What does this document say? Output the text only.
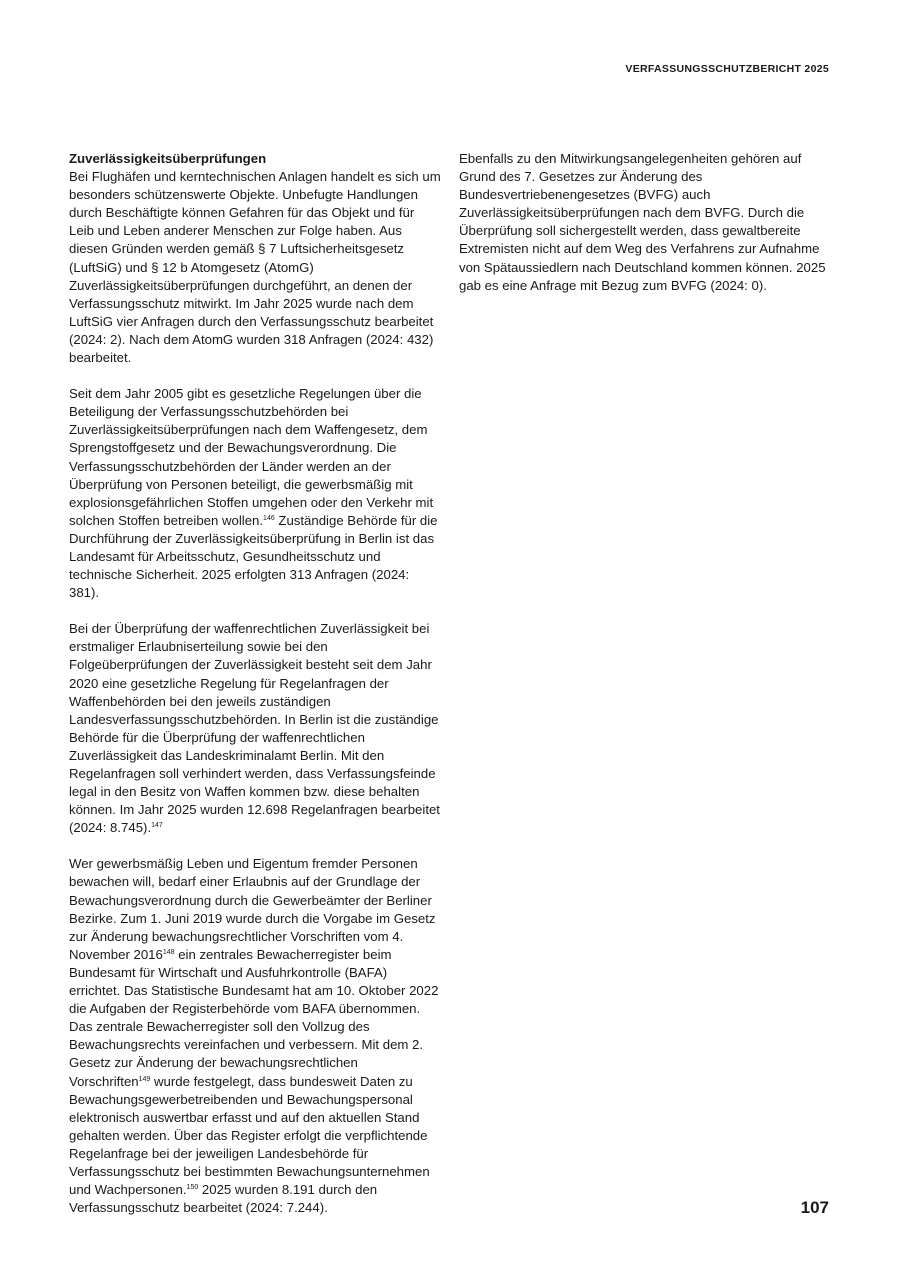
VERFASSUNGSSCHUTZBERICHT 2025

Zuverlässigkeitsüberprüfungen
Bei Flughäfen und kerntechnischen Anlagen handelt es sich um besonders schützenswerte Objekte. Unbefugte Handlungen durch Beschäftigte können Gefahren für das Objekt und für Leib und Leben anderer Menschen zur Folge haben. Aus diesen Gründen werden gemäß § 7 Luftsicherheitsgesetz (LuftSiG) und § 12 b Atomgesetz (AtomG) Zuverlässigkeitsüberprüfungen durchgeführt, an denen der Verfassungsschutz mitwirkt. Im Jahr 2025 wurde nach dem LuftSiG vier Anfragen durch den Verfassungsschutz bearbeitet (2024: 2). Nach dem AtomG wurden 318 Anfragen (2024: 432) bearbeitet.

Seit dem Jahr 2005 gibt es gesetzliche Regelungen über die Beteiligung der Verfassungsschutzbehörden bei Zuverlässigkeitsüberprüfungen nach dem Waffengesetz, dem Sprengstoffgesetz und der Bewachungsverordnung. Die Verfassungsschutzbehörden der Länder werden an der Überprüfung von Personen beteiligt, die gewerbsmäßig mit explosionsgefährlichen Stoffen umgehen oder den Verkehr mit solchen Stoffen betreiben wollen.$^{146}$ Zuständige Behörde für die Durchführung der Zuverlässigkeitsüberprüfung in Berlin ist das Landesamt für Arbeitsschutz, Gesundheitsschutz und technische Sicherheit. 2025 erfolgten 313 Anfragen (2024: 381).

Bei der Überprüfung der waffenrechtlichen Zuverlässigkeit bei erstmaliger Erlaubniserteilung sowie bei den Folgeüberprüfungen der Zuverlässigkeit besteht seit dem Jahr 2020 eine gesetzliche Regelung für Regelanfragen der Waffenbehörden bei den jeweils zuständigen Landesverfassungsschutzbehörden. In Berlin ist die zuständige Behörde für die Überprüfung der waffenrechtlichen Zuverlässigkeit das Landeskriminalamt Berlin. Mit den Regelanfragen soll verhindert werden, dass Verfassungsfeinde legal in den Besitz von Waffen kommen bzw. diese behalten können. Im Jahr 2025 wurden 12.698 Regelanfragen bearbeitet (2024: 8.745).$^{147}$

Wer gewerbsmäßig Leben und Eigentum fremder Personen bewachen will, bedarf einer Erlaubnis auf der Grundlage der Bewachungsverordnung durch die Gewerbeämter der Berliner Bezirke. Zum 1. Juni 2019 wurde durch die Vorgabe im Gesetz zur Änderung bewachungsrechtlicher Vorschriften vom 4. November 2016$^{148}$ ein zentrales Bewacherregister beim Bundesamt für Wirtschaft und Ausfuhrkontrolle (BAFA) errichtet. Das Statistische Bundesamt hat am 10. Oktober 2022 die Aufgaben der Registerbehörde vom BAFA übernommen. Das zentrale Bewacherregister soll den Vollzug des Bewachungsrechts vereinfachen und verbessern. Mit dem 2. Gesetz zur Änderung der bewachungsrechtlichen Vorschriften$^{149}$ wurde festgelegt, dass bundesweit Daten zu Bewachungsgewerbetreibenden und Bewachungspersonal elektronisch auswertbar erfasst und auf den aktuellen Stand gehalten werden. Über das Register erfolgt die verpflichtende Regelanfrage bei der jeweiligen Landesbehörde für Verfassungsschutz bei bestimmten Bewachungsunternehmen und Wachpersonen.$^{150}$ 2025 wurden 8.191 durch den Verfassungsschutz bearbeitet (2024: 7.244).

Ebenfalls zu den Mitwirkungsangelegenheiten gehören auf Grund des 7. Gesetzes zur Änderung des Bundesvertriebenengesetzes (BVFG) auch Zuverlässigkeitsüberprüfungen nach dem BVFG. Durch die Überprüfung soll sichergestellt werden, dass gewaltbereite Extremisten nicht auf dem Weg des Verfahrens zur Aufnahme von Spätaussiedlern nach Deutschland kommen können. 2025 gab es eine Anfrage mit Bezug zum BVFG (2024: 0).

107
